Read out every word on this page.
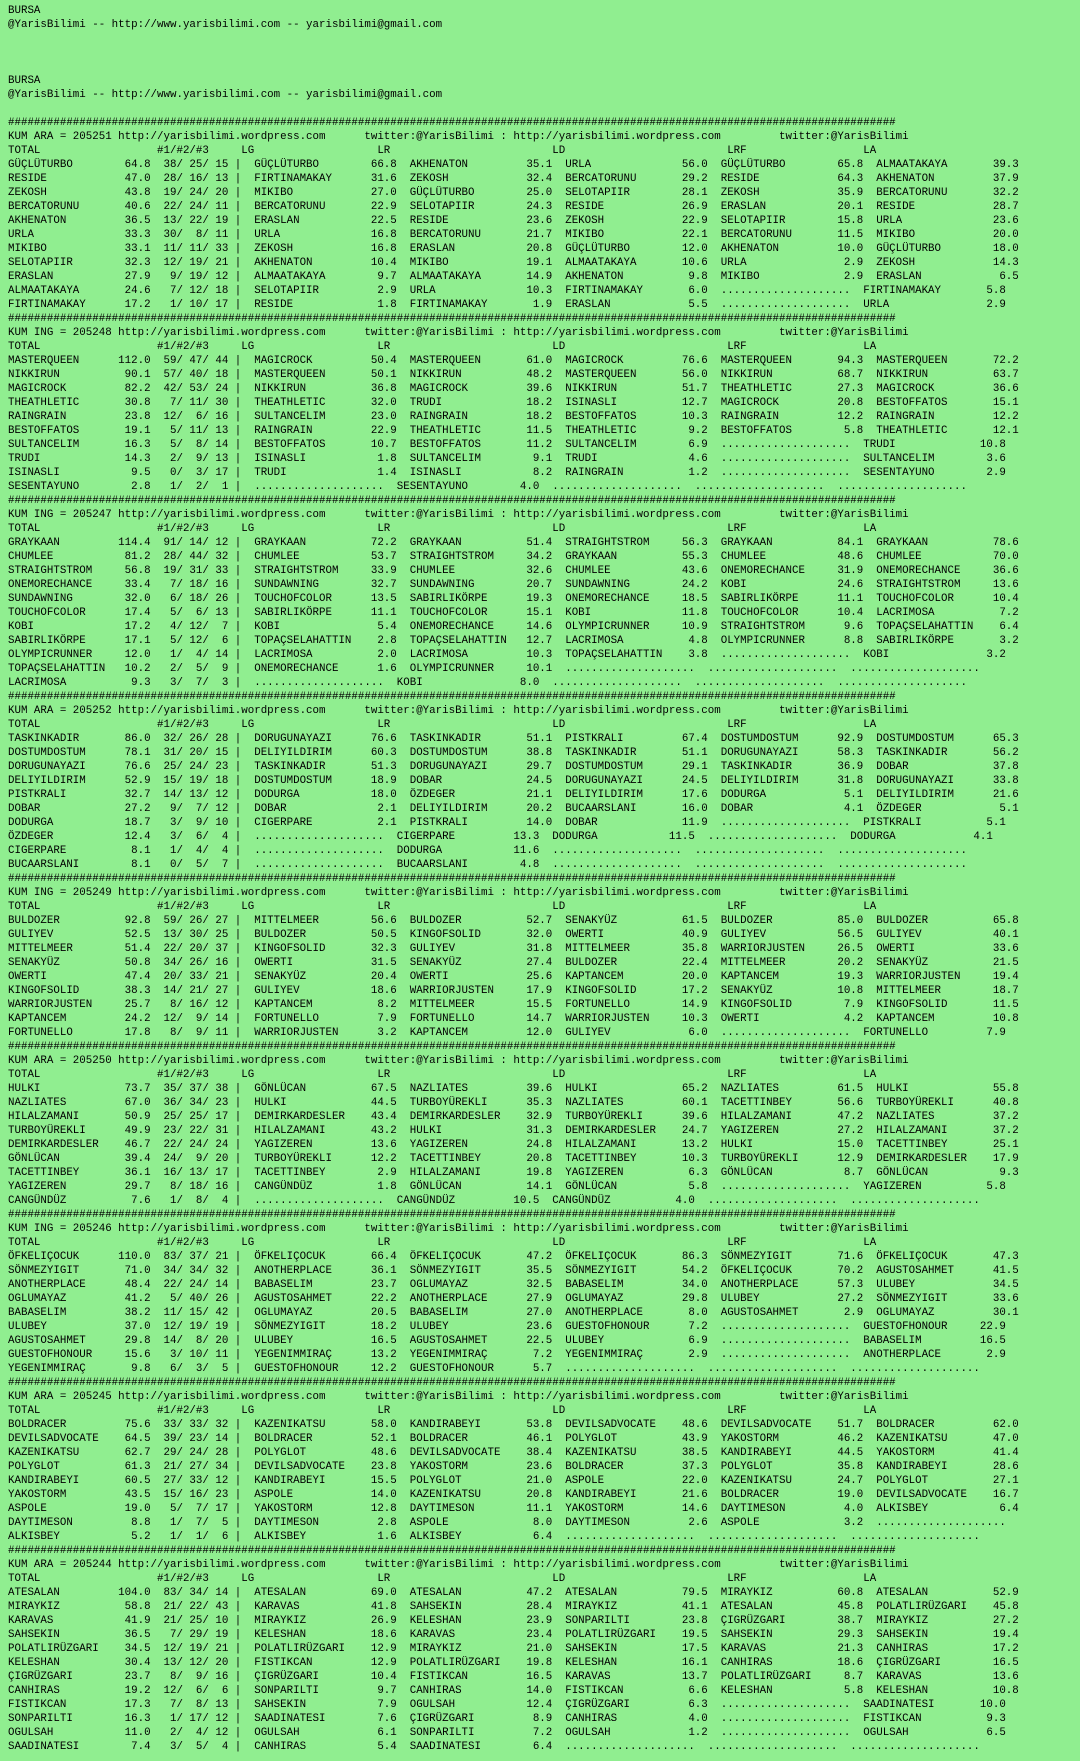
BURSA
@YarisBilimi -- http://www.yarisbilimi.com -- yarisbilimi@gmail.com
BURSA
@YarisBilimi -- http://www.yarisbilimi.com -- yarisbilimi@gmail.com
#########################################################################################################################################
KUM ARA = 205251 http://yarisbilimi.wordpress.com      twitter:@YarisBilimi : http://yarisbilimi.wordpress.com         twitter:@YarisBilimi
TOTAL                  #1/#2/#3     LG                   LR                         LD                         LRF                  LA
GÜÇLÜTURBO        64.8  38/ 25/ 15 |  GÜÇLÜTURBO        66.8  AKHENATON         35.1  URLA              56.0  GÜÇLÜTURBO        65.8  ALMAATAKAYA       39.3
RESIDE            47.0  28/ 16/ 13 |  FIRTINAMAKAY      31.6  ZEKOSH            32.4  BERCATORUNU       29.2  RESIDE            64.3  AKHENATON         37.9
ZEKOSH            43.8  19/ 24/ 20 |  MIKIBO            27.0  GÜÇLÜTURBO        25.0  SELOTAPIIR        28.1  ZEKOSH            35.9  BERCATORUNU       32.2
BERCATORUNU       40.6  22/ 24/ 11 |  BERCATORUNU       22.9  SELOTAPIIR        24.3  RESIDE            26.9  ERASLAN           20.1  RESIDE            28.7
AKHENATON         36.5  13/ 22/ 19 |  ERASLAN           22.5  RESIDE            23.6  ZEKOSH            22.9  SELOTAPIIR        15.8  URLA              23.6
URLA              33.3  30/  8/ 11 |  URLA              16.8  BERCATORUNU       21.7  MIKIBO            22.1  BERCATORUNU       11.5  MIKIBO            20.0
MIKIBO            33.1  11/ 11/ 33 |  ZEKOSH            16.8  ERASLAN           20.8  GÜÇLÜTURBO        12.0  AKHENATON         10.0  GÜÇLÜTURBO        18.0
SELOTAPIIR        32.3  12/ 19/ 21 |  AKHENATON         10.4  MIKIBO            19.1  ALMAATAKAYA       10.6  URLA               2.9  ZEKOSH            14.3
ERASLAN           27.9   9/ 19/ 12 |  ALMAATAKAYA        9.7  ALMAATAKAYA       14.9  AKHENATON          9.8  MIKIBO             2.9  ERASLAN            6.5
ALMAATAKAYA       24.6   7/ 12/ 18 |  SELOTAPIIR         2.9  URLA              10.3  FIRTINAMAKAY       6.0  ....................  FIRTINAMAKAY       5.8
FIRTINAMAKAY      17.2   1/ 10/ 17 |  RESIDE             1.8  FIRTINAMAKAY       1.9  ERASLAN            5.5  ....................  URLA               2.9
#########################################################################################################################################
KUM ING = 205248 http://yarisbilimi.wordpress.com      twitter:@YarisBilimi : http://yarisbilimi.wordpress.com         twitter:@YarisBilimi
TOTAL                  #1/#2/#3     LG                   LR                         LD                         LRF                  LA
MASTERQUEEN      112.0  59/ 47/ 44 |  MAGICROCK         50.4  MASTERQUEEN       61.0  MAGICROCK         76.6  MASTERQUEEN       94.3  MASTERQUEEN       72.2
NIKKIRUN          90.1  57/ 40/ 18 |  MASTERQUEEN       50.1  NIKKIRUN          48.2  MASTERQUEEN       56.0  NIKKIRUN          68.7  NIKKIRUN          63.7
MAGICROCK         82.2  42/ 53/ 24 |  NIKKIRUN          36.8  MAGICROCK         39.6  NIKKIRUN          51.7  THEATHLETIC       27.3  MAGICROCK         36.6
THEATHLETIC       30.8   7/ 11/ 30 |  THEATHLETIC       32.0  TRUDI             18.2  ISINASLI          12.7  MAGICROCK         20.8  BESTOFFATOS       15.1
RAINGRAIN         23.8  12/  6/ 16 |  SULTANCELIM       23.0  RAINGRAIN         18.2  BESTOFFATOS       10.3  RAINGRAIN         12.2  RAINGRAIN         12.2
BESTOFFATOS       19.1   5/ 11/ 13 |  RAINGRAIN         22.9  THEATHLETIC       11.5  THEATHLETIC        9.2  BESTOFFATOS        5.8  THEATHLETIC       12.1
SULTANCELIM       16.3   5/  8/ 14 |  BESTOFFATOS       10.7  BESTOFFATOS       11.2  SULTANCELIM        6.9  ....................  TRUDI             10.8
TRUDI             14.3   2/  9/ 13 |  ISINASLI           1.8  SULTANCELIM        9.1  TRUDI              4.6  ....................  SULTANCELIM        3.6
ISINASLI           9.5   0/  3/ 17 |  TRUDI              1.4  ISINASLI           8.2  RAINGRAIN          1.2  ....................  SESENTAYUNO        2.9
SESENTAYUNO        2.8   1/  2/  1 |  ....................  SESENTAYUNO        4.0  ....................  ....................  ....................
#########################################################################################################################################
KUM ING = 205247 http://yarisbilimi.wordpress.com      twitter:@YarisBilimi : http://yarisbilimi.wordpress.com         twitter:@YarisBilimi
TOTAL                  #1/#2/#3     LG                   LR                         LD                         LRF                  LA
GRAYKAAN         114.4  91/ 14/ 12 |  GRAYKAAN          72.2  GRAYKAAN          51.4  STRAIGHTSTROM     56.3  GRAYKAAN          84.1  GRAYKAAN          78.6
CHUMLEE           81.2  28/ 44/ 32 |  CHUMLEE           53.7  STRAIGHTSTROM     34.2  GRAYKAAN          55.3  CHUMLEE           48.6  CHUMLEE           70.0
STRAIGHTSTROM     56.8  19/ 31/ 33 |  STRAIGHTSTROM     33.9  CHUMLEE           32.6  CHUMLEE           43.6  ONEMORECHANCE     31.9  ONEMORECHANCE     36.6
ONEMORECHANCE     33.4   7/ 18/ 16 |  SUNDAWNING        32.7  SUNDAWNING        20.7  SUNDAWNING        24.2  KOBI              24.6  STRAIGHTSTROM     13.6
SUNDAWNING        32.0   6/ 18/ 26 |  TOUCHOFCOLOR      13.5  SABIRLIKÖRPE      19.3  ONEMORECHANCE     18.5  SABIRLIKÖRPE      11.1  TOUCHOFCOLOR      10.4
TOUCHOFCOLOR      17.4   5/  6/ 13 |  SABIRLIKÖRPE      11.1  TOUCHOFCOLOR      15.1  KOBI              11.8  TOUCHOFCOLOR      10.4  LACRIMOSA          7.2
KOBI              17.2   4/ 12/  7 |  KOBI               5.4  ONEMORECHANCE     14.6  OLYMPICRUNNER     10.9  STRAIGHTSTROM      9.6  TOPAÇSELAHATTIN    6.4
SABIRLIKÖRPE      17.1   5/ 12/  6 |  TOPAÇSELAHATTIN    2.8  TOPAÇSELAHATTIN   12.7  LACRIMOSA          4.8  OLYMPICRUNNER      8.8  SABIRLIKÖRPE       3.2
OLYMPICRUNNER     12.0   1/  4/ 14 |  LACRIMOSA          2.0  LACRIMOSA         10.3  TOPAÇSELAHATTIN    3.8  ....................  KOBI               3.2
TOPAÇSELAHATTIN   10.2   2/  5/  9 |  ONEMORECHANCE      1.6  OLYMPICRUNNER     10.1  ....................  ....................  ....................
LACRIMOSA          9.3   3/  7/  3 |  ....................  KOBI               8.0  ....................  ....................  ....................
#########################################################################################################################################
KUM ARA = 205252 http://yarisbilimi.wordpress.com      twitter:@YarisBilimi : http://yarisbilimi.wordpress.com         twitter:@YarisBilimi
TOTAL                  #1/#2/#3     LG                   LR                         LD                         LRF                  LA
TASKINKADIR       86.0  32/ 26/ 28 |  DORUGUNAYAZI      76.6  TASKINKADIR       51.1  PISTKRALI         67.4  DOSTUMDOSTUM      92.9  DOSTUMDOSTUM      65.3
DOSTUMDOSTUM      78.1  31/ 20/ 15 |  DELIYILDIRIM      60.3  DOSTUMDOSTUM      38.8  TASKINKADIR       51.1  DORUGUNAYAZI      58.3  TASKINKADIR       56.2
DORUGUNAYAZI      76.6  25/ 24/ 23 |  TASKINKADIR       51.3  DORUGUNAYAZI      29.7  DOSTUMDOSTUM      29.1  TASKINKADIR       36.9  DOBAR             37.8
DELIYILDIRIM      52.9  15/ 19/ 18 |  DOSTUMDOSTUM      18.9  DOBAR             24.5  DORUGUNAYAZI      24.5  DELIYILDIRIM      31.8  DORUGUNAYAZI      33.8
PISTKRALI         32.7  14/ 13/ 12 |  DODURGA           18.0  ÖZDEGER           21.1  DELIYILDIRIM      17.6  DODURGA            5.1  DELIYILDIRIM      21.6
DOBAR             27.2   9/  7/ 12 |  DOBAR              2.1  DELIYILDIRIM      20.2  BUCAARSLANI       16.0  DOBAR              4.1  ÖZDEGER            5.1
DODURGA           18.7   3/  9/ 10 |  CIGERPARE          2.1  PISTKRALI         14.0  DOBAR             11.9  ....................  PISTKRALI          5.1
ÖZDEGER           12.4   3/  6/  4 |  ....................  CIGERPARE         13.3  DODURGA           11.5  ....................  DODURGA            4.1
CIGERPARE          8.1   1/  4/  4 |  ....................  DODURGA           11.6  ....................  ....................  ....................
BUCAARSLANI        8.1   0/  5/  7 |  ....................  BUCAARSLANI        4.8  ....................  ....................  ....................
#########################################################################################################################################
KUM ING = 205249 http://yarisbilimi.wordpress.com      twitter:@YarisBilimi : http://yarisbilimi.wordpress.com         twitter:@YarisBilimi
TOTAL                  #1/#2/#3     LG                   LR                         LD                         LRF                  LA
BULDOZER          92.8  59/ 26/ 27 |  MITTELMEER        56.6  BULDOZER          52.7  SENAKYÜZ          61.5  BULDOZER          85.0  BULDOZER          65.8
GULIYEV           52.5  13/ 30/ 25 |  BULDOZER          50.5  KINGOFSOLID       32.0  OWERTI            40.9  GULIYEV           56.5  GULIYEV           40.1
MITTELMEER        51.4  22/ 20/ 37 |  KINGOFSOLID       32.3  GULIYEV           31.8  MITTELMEER        35.8  WARRIORJUSTEN     26.5  OWERTI            33.6
SENAKYÜZ          50.8  34/ 26/ 16 |  OWERTI            31.5  SENAKYÜZ          27.4  BULDOZER          22.4  MITTELMEER        20.2  SENAKYÜZ          21.5
OWERTI            47.4  20/ 33/ 21 |  SENAKYÜZ          20.4  OWERTI            25.6  KAPTANCEM         20.0  KAPTANCEM         19.3  WARRIORJUSTEN     19.4
KINGOFSOLID       38.3  14/ 21/ 27 |  GULIYEV           18.6  WARRIORJUSTEN     17.9  KINGOFSOLID       17.2  SENAKYÜZ          10.8  MITTELMEER        18.7
WARRIORJUSTEN     25.7   8/ 16/ 12 |  KAPTANCEM          8.2  MITTELMEER        15.5  FORTUNELLO        14.9  KINGOFSOLID        7.9  KINGOFSOLID       11.5
KAPTANCEM         24.2  12/  9/ 14 |  FORTUNELLO         7.9  FORTUNELLO        14.7  WARRIORJUSTEN     10.3  OWERTI             4.2  KAPTANCEM         10.8
FORTUNELLO        17.8   8/  9/ 11 |  WARRIORJUSTEN      3.2  KAPTANCEM         12.0  GULIYEV            6.0  ....................  FORTUNELLO         7.9
#########################################################################################################################################
KUM ARA = 205250 http://yarisbilimi.wordpress.com      twitter:@YarisBilimi : http://yarisbilimi.wordpress.com         twitter:@YarisBilimi
TOTAL                  #1/#2/#3     LG                   LR                         LD                         LRF                  LA
HULKI             73.7  35/ 37/ 38 |  GÖNLÜCAN          67.5  NAZLIATES         39.6  HULKI             65.2  NAZLIATES         61.5  HULKI             55.8
NAZLIATES         67.0  36/ 34/ 23 |  HULKI             44.5  TURBOYÜREKLI      35.3  NAZLIATES         60.1  TACETTINBEY       56.6  TURBOYÜREKLI      40.8
HILALZAMANI       50.9  25/ 25/ 17 |  DEMIRKARDESLER    43.4  DEMIRKARDESLER    32.9  TURBOYÜREKLI      39.6  HILALZAMANI       47.2  NAZLIATES         37.2
TURBOYÜREKLI      49.9  23/ 22/ 31 |  HILALZAMANI       43.2  HULKI             31.3  DEMIRKARDESLER    24.7  YAGIZEREN         27.2  HILALZAMANI       37.2
DEMIRKARDESLER    46.7  22/ 24/ 24 |  YAGIZEREN         13.6  YAGIZEREN         24.8  HILALZAMANI       13.2  HULKI             15.0  TACETTINBEY       25.1
GÖNLÜCAN          39.4  24/  9/ 20 |  TURBOYÜREKLI      12.2  TACETTINBEY       20.8  TACETTINBEY       10.3  TURBOYÜREKLI      12.9  DEMIRKARDESLER    17.9
TACETTINBEY       36.1  16/ 13/ 17 |  TACETTINBEY        2.9  HILALZAMANI       19.8  YAGIZEREN          6.3  GÖNLÜCAN           8.7  GÖNLÜCAN           9.3
YAGIZEREN         29.7   8/ 18/ 16 |  CANGÜNDÜZ          1.8  GÖNLÜCAN          14.1  GÖNLÜCAN           5.8  ....................  YAGIZEREN          5.8
CANGÜNDÜZ          7.6   1/  8/  4 |  ....................  CANGÜNDÜZ         10.5  CANGÜNDÜZ          4.0  ....................  ....................
#########################################################################################################################################
KUM ING = 205246 http://yarisbilimi.wordpress.com      twitter:@YarisBilimi : http://yarisbilimi.wordpress.com         twitter:@YarisBilimi
TOTAL                  #1/#2/#3     LG                   LR                         LD                         LRF                  LA
ÖFKELIÇOCUK      110.0  83/ 37/ 21 |  ÖFKELIÇOCUK       66.4  ÖFKELIÇOCUK       47.2  ÖFKELIÇOCUK       86.3  SÖNMEZYIGIT       71.6  ÖFKELIÇOCUK       47.3
SÖNMEZYIGIT       71.0  34/ 34/ 32 |  ANOTHERPLACE      36.1  SÖNMEZYIGIT       35.5  SÖNMEZYIGIT       54.2  ÖFKELIÇOCUK       70.2  AGUSTOSAHMET      41.5
ANOTHERPLACE      48.4  22/ 24/ 14 |  BABASELIM         23.7  OGLUMAYAZ         32.5  BABASELIM         34.0  ANOTHERPLACE      57.3  ULUBEY            34.5
OGLUMAYAZ         41.2   5/ 40/ 26 |  AGUSTOSAHMET      22.2  ANOTHERPLACE      27.9  OGLUMAYAZ         29.8  ULUBEY            27.2  SÖNMEZYIGIT       33.6
BABASELIM         38.2  11/ 15/ 42 |  OGLUMAYAZ         20.5  BABASELIM         27.0  ANOTHERPLACE       8.0  AGUSTOSAHMET       2.9  OGLUMAYAZ         30.1
ULUBEY            37.0  12/ 19/ 19 |  SÖNMEZYIGIT       18.2  ULUBEY            23.6  GUESTOFHONOUR      7.2  ....................  GUESTOFHONOUR     22.9
AGUSTOSAHMET      29.8  14/  8/ 20 |  ULUBEY            16.5  AGUSTOSAHMET      22.5  ULUBEY             6.9  ....................  BABASELIM         16.5
GUESTOFHONOUR     15.6   3/ 10/ 11 |  YEGENIMMIRAÇ      13.2  YEGENIMMIRAÇ       7.2  YEGENIMMIRAÇ       2.9  ....................  ANOTHERPLACE       2.9
YEGENIMMIRAÇ       9.8   6/  3/  5 |  GUESTOFHONOUR     12.2  GUESTOFHONOUR      5.7  ....................  ....................  ....................
#########################################################################################################################################
KUM ARA = 205245 http://yarisbilimi.wordpress.com      twitter:@YarisBilimi : http://yarisbilimi.wordpress.com         twitter:@YarisBilimi
TOTAL                  #1/#2/#3     LG                   LR                         LD                         LRF                  LA
BOLDRACER         75.6  33/ 33/ 32 |  KAZENIKATSU       58.0  KANDIRABEYI       53.8  DEVILSADVOCATE    48.6  DEVILSADVOCATE    51.7  BOLDRACER         62.0
DEVILSADVOCATE    64.5  39/ 23/ 14 |  BOLDRACER         52.1  BOLDRACER         46.1  POLYGLOT          43.9  YAKOSTORM         46.2  KAZENIKATSU       47.0
KAZENIKATSU       62.7  29/ 24/ 28 |  POLYGLOT          48.6  DEVILSADVOCATE    38.4  KAZENIKATSU       38.5  KANDIRABEYI       44.5  YAKOSTORM         41.4
POLYGLOT          61.3  21/ 27/ 34 |  DEVILSADVOCATE    23.8  YAKOSTORM         23.6  BOLDRACER         37.3  POLYGLOT          35.8  KANDIRABEYI       28.6
KANDIRABEYI       60.5  27/ 33/ 12 |  KANDIRABEYI       15.5  POLYGLOT          21.0  ASPOLE            22.0  KAZENIKATSU       24.7  POLYGLOT          27.1
YAKOSTORM         43.5  15/ 16/ 23 |  ASPOLE            14.0  KAZENIKATSU       20.8  KANDIRABEYI       21.6  BOLDRACER         19.0  DEVILSADVOCATE    16.7
ASPOLE            19.0   5/  7/ 17 |  YAKOSTORM         12.8  DAYTIMESON        11.1  YAKOSTORM         14.6  DAYTIMESON         4.0  ALKISBEY           6.4
DAYTIMESON         8.8   1/  7/  5 |  DAYTIMESON         2.8  ASPOLE             8.0  DAYTIMESON         2.6  ASPOLE             3.2  ....................
ALKISBEY           5.2   1/  1/  6 |  ALKISBEY           1.6  ALKISBEY           6.4  ....................  ....................  ....................
#########################################################################################################################################
KUM ARA = 205244 http://yarisbilimi.wordpress.com      twitter:@YarisBilimi : http://yarisbilimi.wordpress.com         twitter:@YarisBilimi
TOTAL                  #1/#2/#3     LG                   LR                         LD                         LRF                  LA
ATESALAN         104.0  83/ 34/ 14 |  ATESALAN          69.0  ATESALAN          47.2  ATESALAN          79.5  MIRAYKIZ          60.8  ATESALAN          52.9
MIRAYKIZ          58.8  21/ 22/ 43 |  KARAVAS           41.8  SAHSEKIN          28.4  MIRAYKIZ          41.1  ATESALAN          45.8  POLATLIRÜZGARI    45.8
KARAVAS           41.9  21/ 25/ 10 |  MIRAYKIZ          26.9  KELESHAN          23.9  SONPARILTI        23.8  ÇIGRÜZGARI        38.7  MIRAYKIZ          27.2
SAHSEKIN          36.5   7/ 29/ 19 |  KELESHAN          18.6  KARAVAS           23.4  POLATLIRÜZGARI    19.5  SAHSEKIN          29.3  SAHSEKIN          19.4
POLATLIRÜZGARI    34.5  12/ 19/ 21 |  POLATLIRÜZGARI    12.9  MIRAYKIZ          21.0  SAHSEKIN          17.5  KARAVAS           21.3  CANHIRAS          17.2
KELESHAN          30.4  13/ 12/ 20 |  FISTIKCAN         12.9  POLATLIRÜZGARI    19.8  KELESHAN          16.1  CANHIRAS          18.6  ÇIGRÜZGARI        16.5
ÇIGRÜZGARI        23.7   8/  9/ 16 |  ÇIGRÜZGARI        10.4  FISTIKCAN         16.5  KARAVAS           13.7  POLATLIRÜZGARI     8.7  KARAVAS           13.6
CANHIRAS          19.2  12/  6/  6 |  SONPARILTI         9.7  CANHIRAS          14.0  FISTIKCAN          6.6  KELESHAN           5.8  KELESHAN          10.8
FISTIKCAN         17.3   7/  8/ 13 |  SAHSEKIN           7.9  OGULSAH           12.4  ÇIGRÜZGARI         6.3  ....................  SAADINATESI       10.0
SONPARILTI        16.3   1/ 17/ 12 |  SAADINATESI        7.6  ÇIGRÜZGARI         8.9  CANHIRAS           4.0  ....................  FISTIKCAN          9.3
OGULSAH           11.0   2/  4/ 12 |  OGULSAH            6.1  SONPARILTI         7.2  OGULSAH            1.2  ....................  OGULSAH            6.5
SAADINATESI        7.4   3/  5/  4 |  CANHIRAS           5.4  SAADINATESI        6.4  ....................  ....................  ....................
